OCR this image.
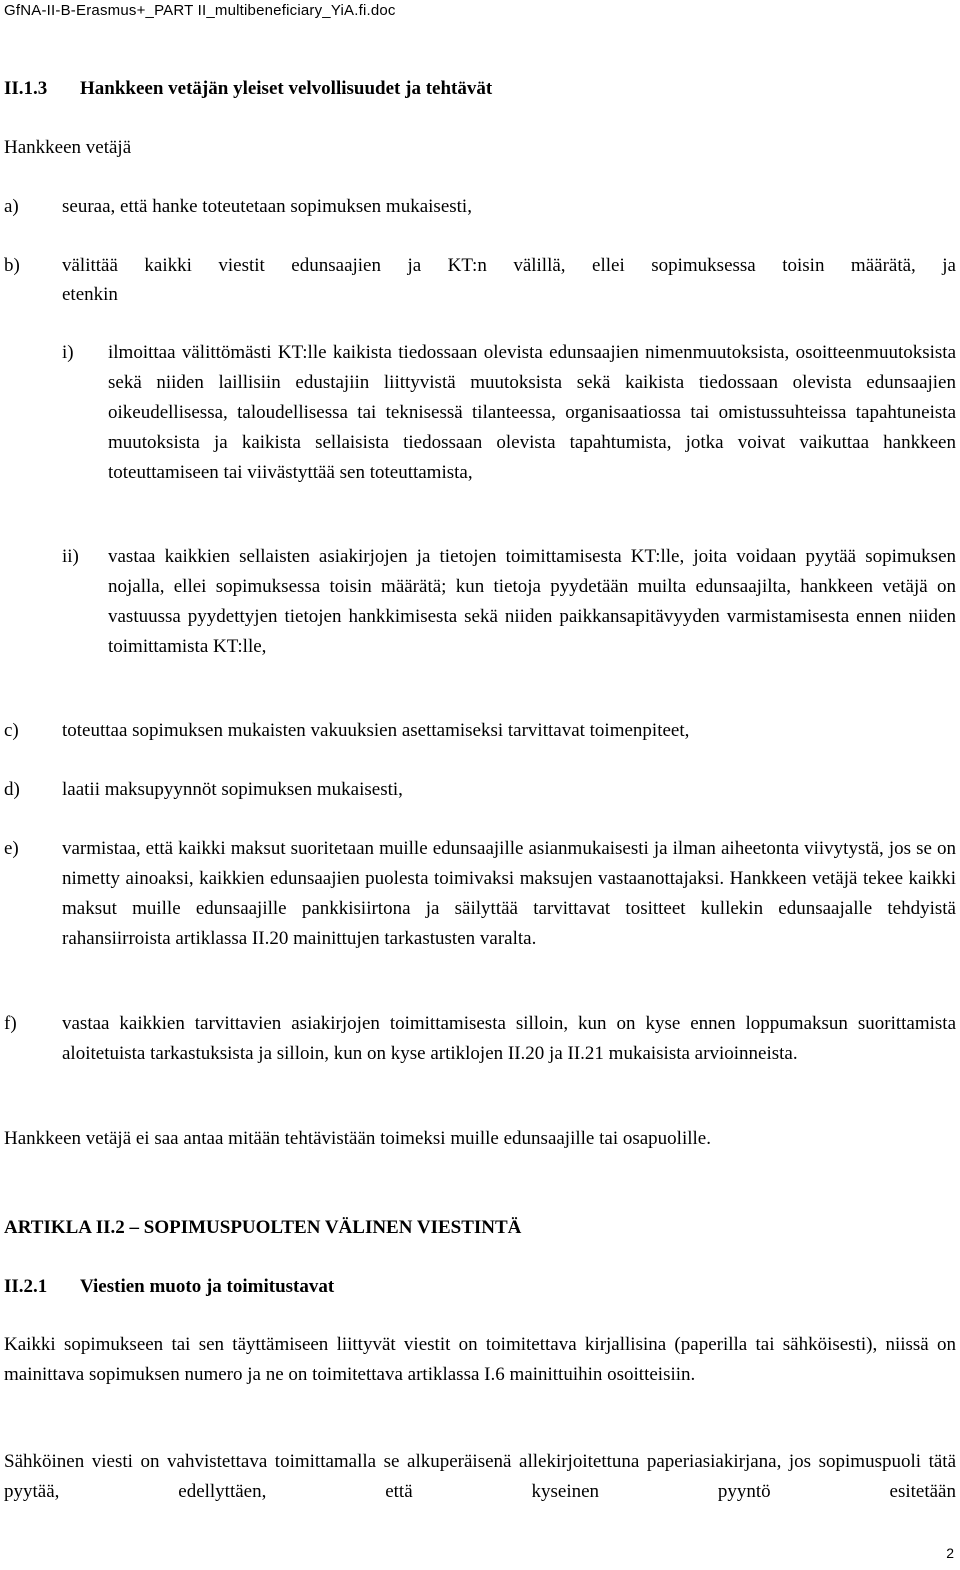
GfNA-II-B-Erasmus+_PART II_multibeneficiary_YiA.fi.doc
II.1.3 Hankkeen vetäjän yleiset velvollisuudet ja tehtävät
Hankkeen vetäjä
a) seuraa, että hanke toteutetaan sopimuksen mukaisesti,
b) välittää kaikki viestit edunsaajien ja KT:n välillä, ellei sopimuksessa toisin määrätä, ja
etenkin
i) ilmoittaa välittömästi KT:lle kaikista tiedossaan olevista edunsaajien nimenmuutoksista, osoitteenmuutoksista sekä niiden laillisiin edustajiin liittyvistä muutoksista sekä kaikista tiedossaan olevista edunsaajien oikeudellisessa, taloudellisessa tai teknisessä tilanteessa, organisaatiossa tai omistussuhteissa tapahtuneista muutoksista ja kaikista sellaisista tiedossaan olevista tapahtumista, jotka voivat vaikuttaa hankkeen toteuttamiseen tai viivästyttää sen toteuttamista,
ii) vastaa kaikkien sellaisten asiakirjojen ja tietojen toimittamisesta KT:lle, joita voidaan pyytää sopimuksen nojalla, ellei sopimuksessa toisin määrätä; kun tietoja pyydetään muilta edunsaajilta, hankkeen vetäjä on vastuussa pyydettyjen tietojen hankkimisesta sekä niiden paikkansapitävyyden varmistamisesta ennen niiden toimittamista KT:lle,
c) toteuttaa sopimuksen mukaisten vakuuksien asettamiseksi tarvittavat toimenpiteet,
d) laatii maksupyynnöt sopimuksen mukaisesti,
e) varmistaa, että kaikki maksut suoritetaan muille edunsaajille asianmukaisesti ja ilman aiheetonta viivytystä, jos se on nimetty ainoaksi, kaikkien edunsaajien puolesta toimivaksi maksujen vastaanottajaksi. Hankkeen vetäjä tekee kaikki maksut muille edunsaajille pankkisiirtona ja säilyttää tarvittavat tositteet kullekin edunsaajalle tehdyistä rahansiirroista artiklassa II.20 mainittujen tarkastusten varalta.
f) vastaa kaikkien tarvittavien asiakirjojen toimittamisesta silloin, kun on kyse ennen loppumaksun suorittamista aloitetuista tarkastuksista ja silloin, kun on kyse artiklojen II.20 ja II.21 mukaisista arvioinneista.
Hankkeen vetäjä ei saa antaa mitään tehtävistään toimeksi muille edunsaajille tai osapuolille.
ARTIKLA II.2 – SOPIMUSPUOLTEN VÄLINEN VIESTINTÄ
II.2.1 Viestien muoto ja toimitustavat
Kaikki sopimukseen tai sen täyttämiseen liittyvät viestit on toimitettava kirjallisina (paperilla tai sähköisesti), niissä on mainittava sopimuksen numero ja ne on toimitettava artiklassa I.6 mainittuihin osoitteisiin.
Sähköinen viesti on vahvistettava toimittamalla se alkuperäisenä allekirjoitettuna paperiasiakirjana, jos sopimuspuoli tätä pyytää, edellyttäen, että kyseinen pyyntö esitetään
2
